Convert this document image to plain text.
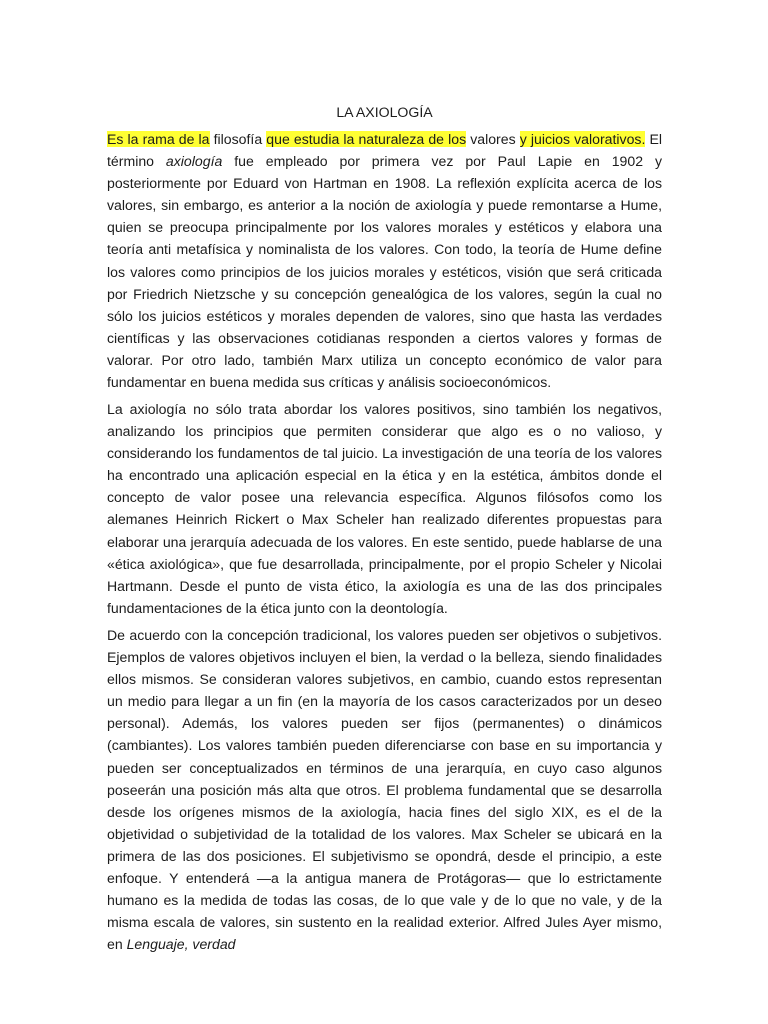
LA AXIOLOGÍA

Es la rama de la filosofía que estudia la naturaleza de los valores y juicios valorativos. El término axiología fue empleado por primera vez por Paul Lapie en 1902 y posteriormente por Eduard von Hartman en 1908. La reflexión explícita acerca de los valores, sin embargo, es anterior a la noción de axiología y puede remontarse a Hume, quien se preocupa principalmente por los valores morales y estéticos y elabora una teoría anti metafísica y nominalista de los valores. Con todo, la teoría de Hume define los valores como principios de los juicios morales y estéticos, visión que será criticada por Friedrich Nietzsche y su concepción genealógica de los valores, según la cual no sólo los juicios estéticos y morales dependen de valores, sino que hasta las verdades científicas y las observaciones cotidianas responden a ciertos valores y formas de valorar. Por otro lado, también Marx utiliza un concepto económico de valor para fundamentar en buena medida sus críticas y análisis socioeconómicos.

La axiología no sólo trata abordar los valores positivos, sino también los negativos, analizando los principios que permiten considerar que algo es o no valioso, y considerando los fundamentos de tal juicio. La investigación de una teoría de los valores ha encontrado una aplicación especial en la ética y en la estética, ámbitos donde el concepto de valor posee una relevancia específica. Algunos filósofos como los alemanes Heinrich Rickert o Max Scheler han realizado diferentes propuestas para elaborar una jerarquía adecuada de los valores. En este sentido, puede hablarse de una «ética axiológica», que fue desarrollada, principalmente, por el propio Scheler y Nicolai Hartmann. Desde el punto de vista ético, la axiología es una de las dos principales fundamentaciones de la ética junto con la deontología.

De acuerdo con la concepción tradicional, los valores pueden ser objetivos o subjetivos. Ejemplos de valores objetivos incluyen el bien, la verdad o la belleza, siendo finalidades ellos mismos. Se consideran valores subjetivos, en cambio, cuando estos representan un medio para llegar a un fin (en la mayoría de los casos caracterizados por un deseo personal). Además, los valores pueden ser fijos (permanentes) o dinámicos (cambiantes). Los valores también pueden diferenciarse con base en su importancia y pueden ser conceptualizados en términos de una jerarquía, en cuyo caso algunos poseerán una posición más alta que otros. El problema fundamental que se desarrolla desde los orígenes mismos de la axiología, hacia fines del siglo XIX, es el de la objetividad o subjetividad de la totalidad de los valores. Max Scheler se ubicará en la primera de las dos posiciones. El subjetivismo se opondrá, desde el principio, a este enfoque. Y entenderá —a la antigua manera de Protágoras— que lo estrictamente humano es la medida de todas las cosas, de lo que vale y de lo que no vale, y de la misma escala de valores, sin sustento en la realidad exterior. Alfred Jules Ayer mismo, en Lenguaje, verdad
